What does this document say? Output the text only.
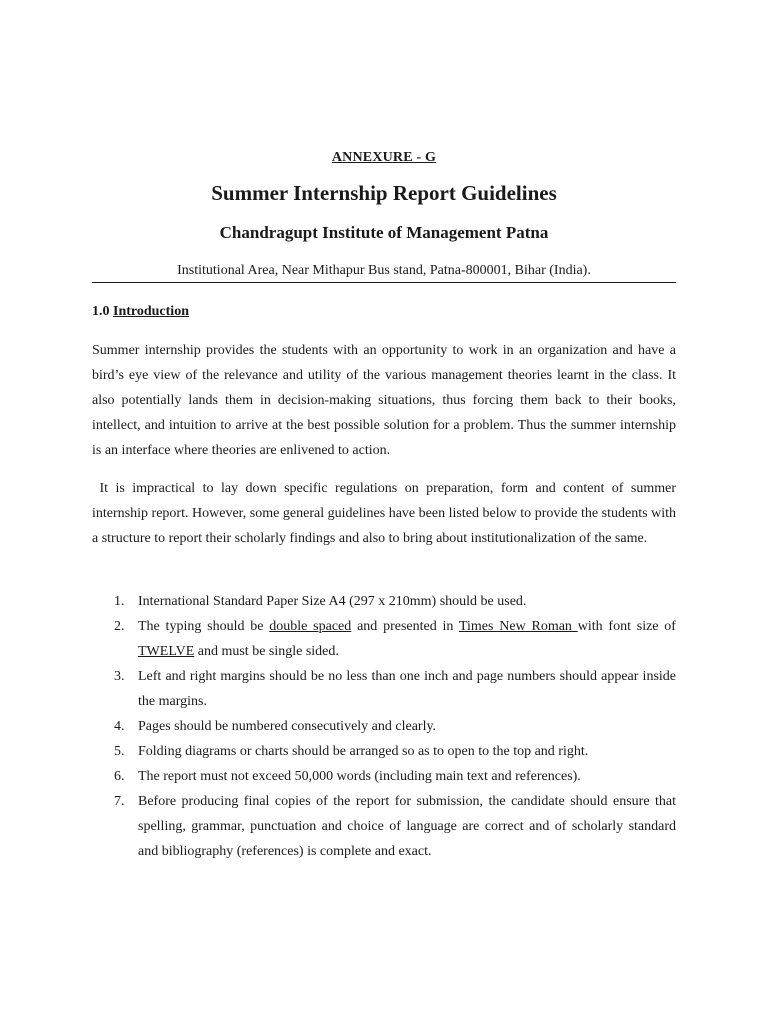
ANNEXURE - G
Summer Internship Report Guidelines
Chandragupt Institute of Management Patna
Institutional Area, Near Mithapur Bus stand, Patna-800001, Bihar (India).
1.0 Introduction

Summer internship provides the students with an opportunity to work in an organization and have a bird’s eye view of the relevance and utility of the various management theories learnt in the class. It also potentially lands them in decision-making situations, thus forcing them back to their books, intellect, and intuition to arrive at the best possible solution for a problem. Thus the summer internship is an interface where theories are enlivened to action.

It is impractical to lay down specific regulations on preparation, form and content of summer internship report. However, some general guidelines have been listed below to provide the students with a structure to report their scholarly findings and also to bring about institutionalization of the same.

1. International Standard Paper Size A4 (297 x 210mm) should be used.
2. The typing should be double spaced and presented in Times New Roman with font size of TWELVE and must be single sided.
3. Left and right margins should be no less than one inch and page numbers should appear inside the margins.
4. Pages should be numbered consecutively and clearly.
5. Folding diagrams or charts should be arranged so as to open to the top and right.
6. The report must not exceed 50,000 words (including main text and references).
7. Before producing final copies of the report for submission, the candidate should ensure that spelling, grammar, punctuation and choice of language are correct and of scholarly standard and bibliography (references) is complete and exact.
